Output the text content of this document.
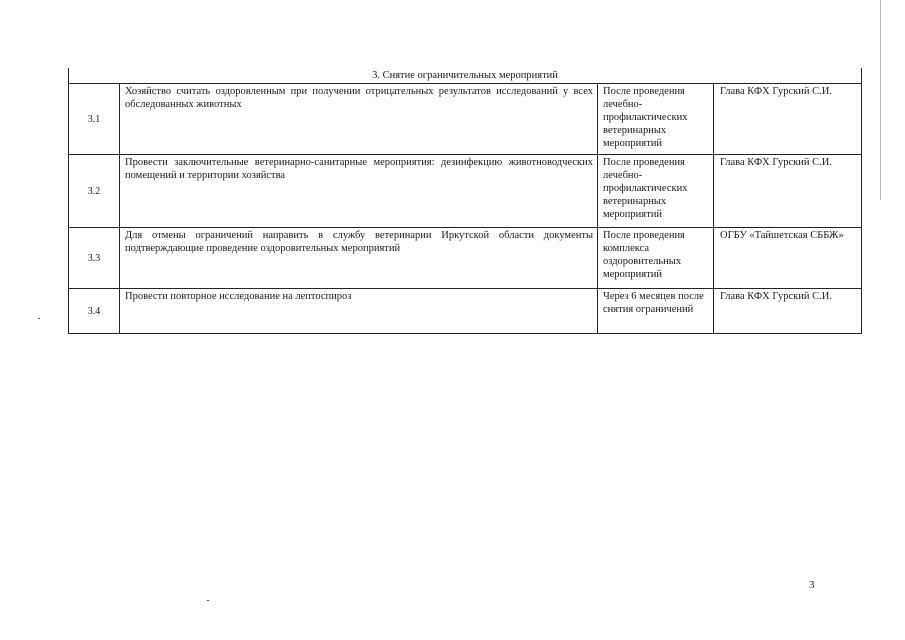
3. Снятие ограничительных мероприятий			
3.1	Хозяйство считать оздоровленным при получении отрицательных результатов исследований у всех обследованных животных	После проведения лечебно-профилактических ветеринарных мероприятий	Глава КФХ Гурский С.И.
3.2	Провести заключительные ветеринарно-санитарные мероприятия: дезинфекцию животноводческих помещений и территории хозяйства	После проведения лечебно-профилактических ветеринарных мероприятий	Глава КФХ Гурский С.И.
3.3	Для отмены ограничений направить в службу ветеринарии Иркутской области документы подтверждающие проведение оздоровительных мероприятий	После проведения комплекса оздоровительных мероприятий	ОГБУ «Тайшетская СББЖ»
3.4	Провести повторное исследование на лептоспироз	Через 6 месяцев после снятия ограничений	Глава КФХ Гурский С.И.
3
